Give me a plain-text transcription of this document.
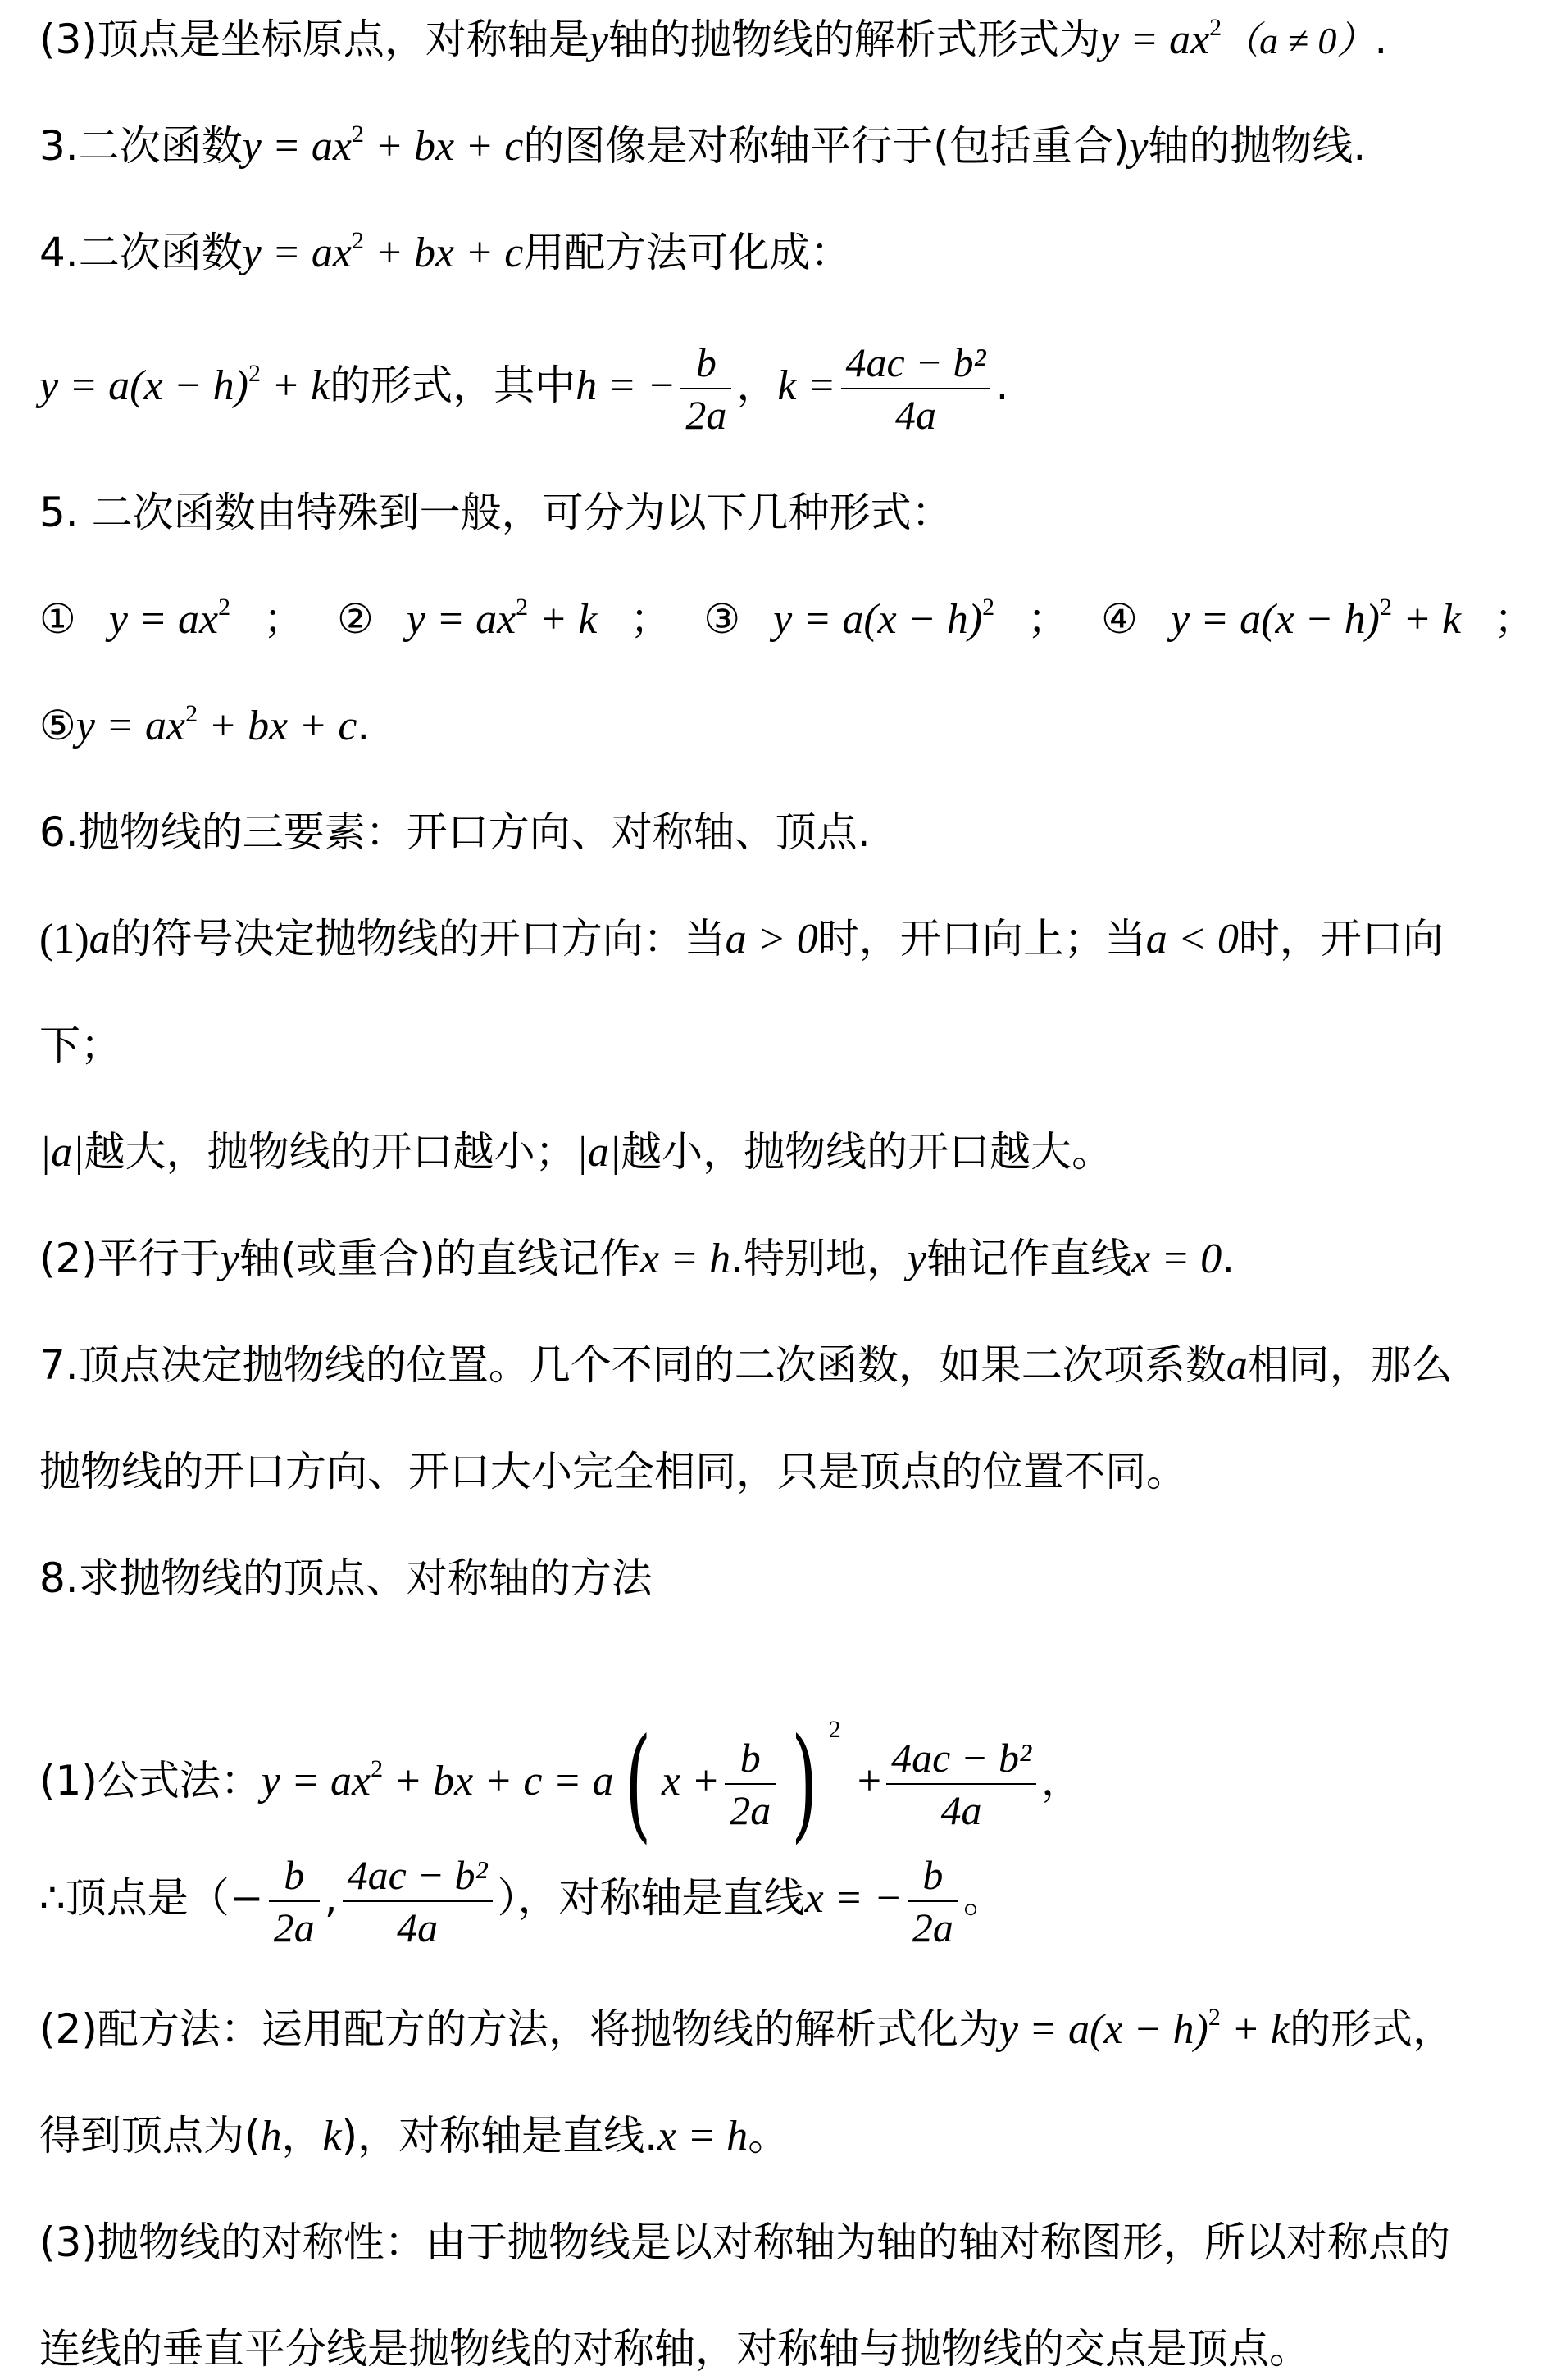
(3)顶点是坐标原点，对称轴是y轴的抛物线的解析式形式为$y = ax^2(a \ne 0)$.
3.二次函数$y = ax^2$ + bx + c的图像是对称轴平行于(包括重合)y轴的抛物线.
4.二次函数$y = ax^2$ + bx + c用配方法可化成：
$y = a(x - h)^2 + k$的形式，其中h = − $\frac{b}{2a}$ ，$k = \frac{\text{4ac − b²}}{4a}$ .
5. 二次函数由特殊到一般，可分为以下几种形式：
① $y = ax^2$ ； ② $y = ax^2 + k$ ； ③ $y = a(x - h)^2$ ； ④ $y = a(x - h)^2 + k$ ；
⑤y = $ax^2$ + bx + c.
6.抛物线的三要素：开口方向、对称轴、顶点.
(1)a的符号决定抛物线的开口方向：当a > 0时，开口向上；当a < 0时，开口向
下；
|a|越大，抛物线的开口越小；|a|越小，抛物线的开口越大。
(2)平行于y轴(或重合)的直线记作x = h.特别地，y轴记作直线x = 0.
7.顶点决定抛物线的位置。几个不同的二次函数，如果二次项系数a相同，那么
抛物线的开口方向、开口大小完全相同，只是顶点的位置不同。
8.求抛物线的顶点、对称轴的方法
(1)公式法：$y = ax^2$ + bx + c = a( $x + \frac{b}{2a}$ ) $^2+ \frac{\text{4ac − b²}}{4a}$ ，
∴顶点是（− $\frac{b}{2a}$ , $\frac{\text{4ac − b²}}{4a}$ ），对称轴是直线x = − $\frac{b}{2a}$ 。
(2)配方法：运用配方的方法，将抛物线的解析式化为$y = a(x - h)^2 + k$的形式，
得到顶点为(h，k)，对称轴是直线.x = h。
(3)抛物线的对称性：由于抛物线是以对称轴为轴的轴对称图形，所以对称点的
连线的垂直平分线是抛物线的对称轴，对称轴与抛物线的交点是顶点。
